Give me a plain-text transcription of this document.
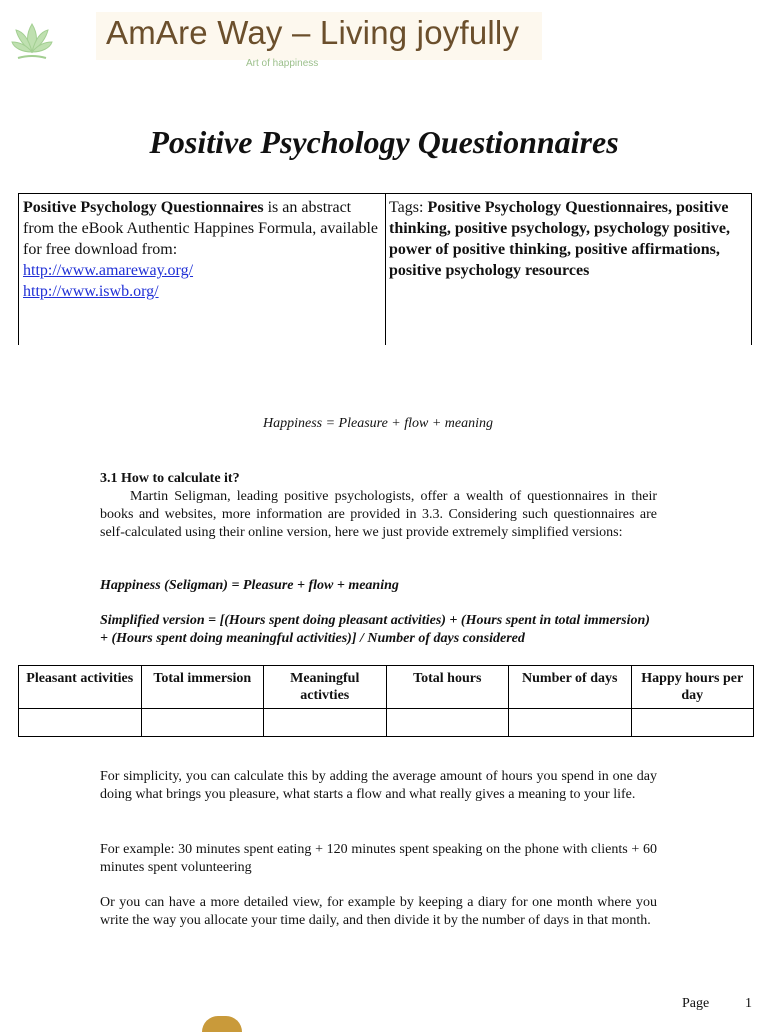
AmAre Way – Living joyfully
Art of happiness
Positive Psychology Questionnaires
Positive Psychology Questionnaires is an abstract from the eBook Authentic Happines Formula, available for free download from:
http://www.amareway.org/
http://www.iswb.org/
Tags: Positive Psychology Questionnaires, positive thinking, positive psychology, psychology positive, power of positive thinking, positive affirmations, positive psychology resources
Happiness = Pleasure + flow + meaning
3.1 How to calculate it?
Martin Seligman, leading positive psychologists, offer a wealth of questionnaires in their books and websites, more information are provided in 3.3. Considering such questionnaires are self-calculated using their online version, here we just provide extremely simplified versions:
Happiness (Seligman) = Pleasure + flow + meaning
Simplified version = [(Hours spent doing pleasant activities) + (Hours spent in total immersion) + (Hours spent doing meaningful activities)] / Number of days considered
Pleasant activities	Total immersion	Meaningful activties	Total hours	Number of days	Happy hours per day

For simplicity, you can calculate this by adding the average amount of hours you spend in one day doing what brings you pleasure, what starts a flow and what really gives a meaning to your life.
For example: 30 minutes spent eating + 120 minutes spent speaking on the phone with clients + 60 minutes spent volunteering
Or you can have a more detailed view, for example by keeping a diary for one month where you write the way you allocate your time daily, and then divide it by the number of days in that month.
Page	1
